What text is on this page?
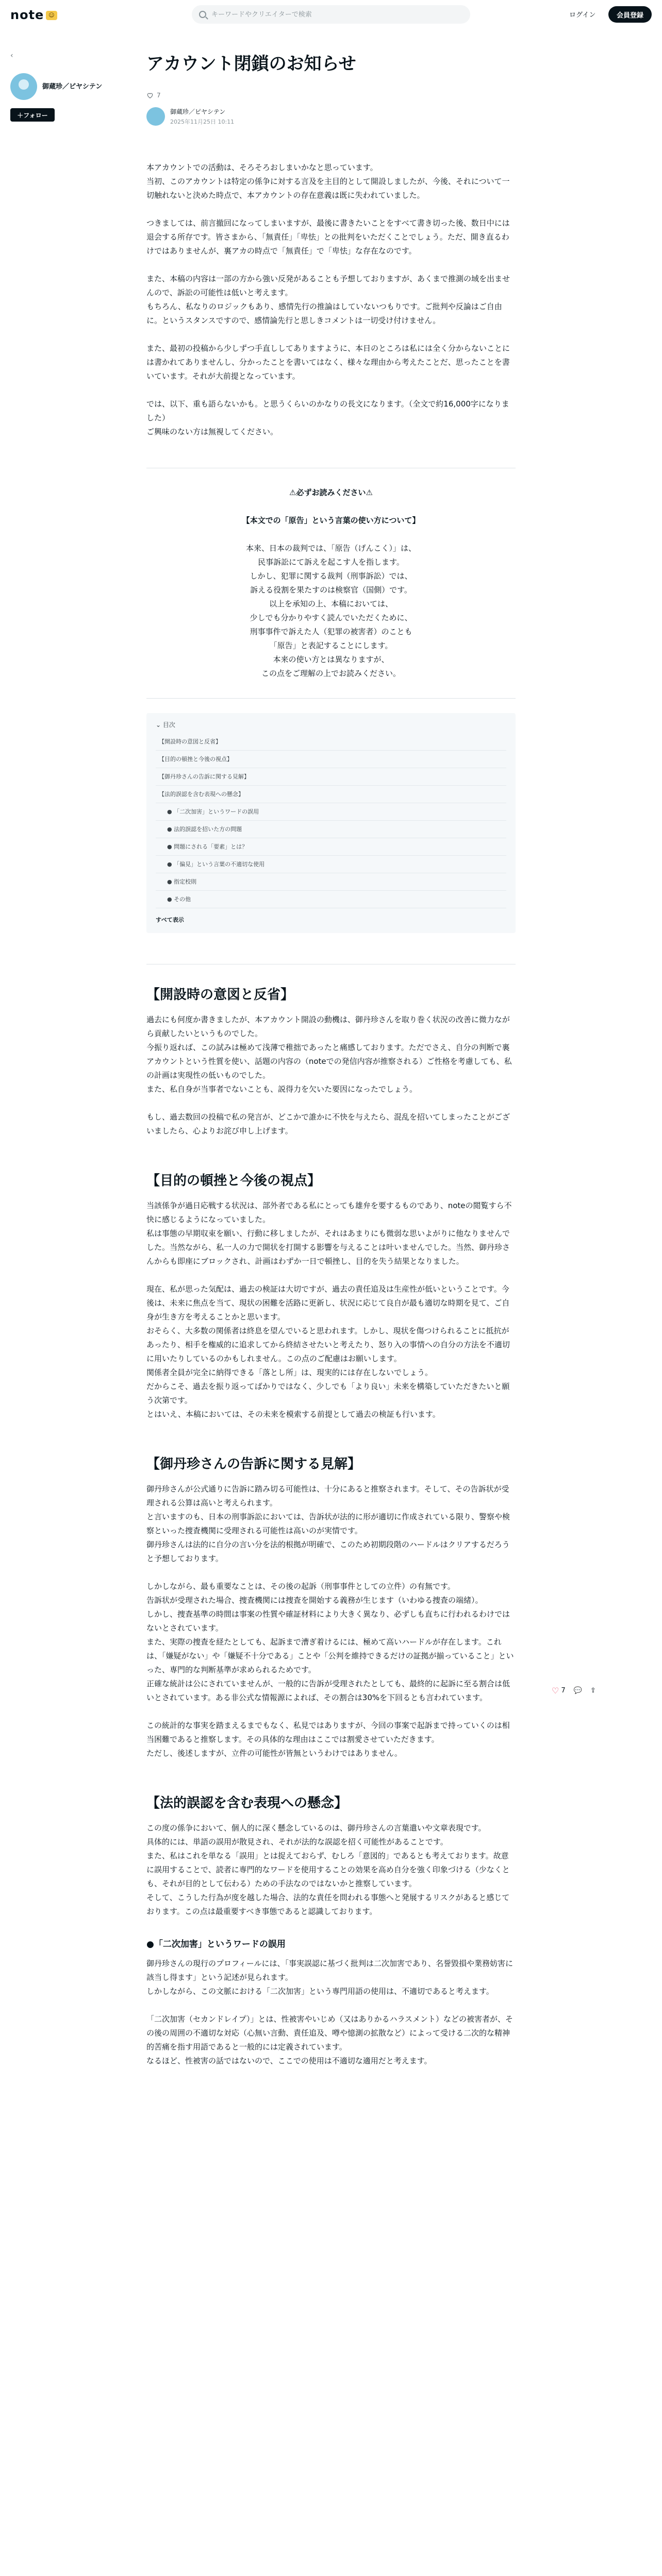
note ☺
キーワードやクリエイターで検索	ログイン	会員登録
‹
御蔵珍／ピヤシテン
＋ フォロー
♡ 7 💬 ⇪
アカウント閉鎖のお知らせ
7
御蔵珍／ピヤシテン
2025年11月25日 10:11
本アカウントでの活動は、そろそろおしまいかなと思っています。
当初、このアカウントは特定の係争に対する言及を主目的として開設しましたが、今後、それについて一切触れないと決めた時点で、本アカウントの存在意義は既に失われていました。
つきましては、前言撤回になってしまいますが、最後に書きたいことをすべて書き切った後、数日中には退会する所存です。皆さまから、「無責任」「卑怯」との批判をいただくことでしょう。ただ、開き直るわけではありませんが、裏アカの時点で「無責任」で「卑怯」な存在なのです。
また、本稿の内容は一部の方から強い反発があることも予想しておりますが、あくまで推測の域を出ませんので、訴訟の可能性は低いと考えます。
もちろん、私なりのロジックもあり、感情先行の推論はしていないつもりです。ご批判や反論はご自由に。というスタンスですので、感情論先行と思しきコメントは一切受け付けません。
また、最初の投稿から少しずつ手直ししてありますように、本日のところは私には全く分からないことには書かれてありませんし、分かったことを書いてはなく、様々な理由から考えたことだ、思ったことを書いています。それが大前提となっています。
では、以下、重も語らないかも。と思うくらいのかなりの長文になります。（全文で約16,000字になりました）
ご興味のない方は無視してください。
⚠必ずお読みください⚠
【本文での「原告」という言葉の使い方について】
本来、日本の裁判では、「原告（げんこく）」は、
民事訴訟にて訴えを起こす人を指します。
しかし、犯罪に関する裁判（刑事訴訟）では、
訴える役割を果たすのは検察官（国側）です。
以上を承知の上、本稿においては、
少しでも分かりやすく読んでいただくために、
刑事事件で訴えた人（犯罪の被害者）のことも
「原告」と表記することにします。
本来の使い方とは異なりますが、
この点をご理解の上でお読みください。
⌄ 目次
【開設時の意図と反省】
【目的の頓挫と今後の視点】
【御丹珍さんの告訴に関する見解】
【法的誤認を含む表現への懸念】
● 「二次加害」というワードの誤用
● 法的誤認を招いた方の問題
● 問題にされる「要素」とは？
● 「偏見」という言葉の不適切な使用
● 指定校則
● その他
すべて表示
【開設時の意図と反省】
過去にも何度か書きましたが、本アカウント開設の動機は、御丹珍さんを取り巻く状況の改善に微力ながら貢献したいというものでした。
今振り返れば、この試みは極めて浅薄で稚拙であったと痛感しております。ただでさえ、自分の判断で裏アカウントという性質を使い、話題の内容の（noteでの発信内容が推察される）ご性格を考慮しても、私の計画は実現性の低いものでした。
また、私自身が当事者でないことも、説得力を欠いた要因になったでしょう。
もし、過去数回の投稿で私の発言が、どこかで誰かに不快を与えたら、混乱を招いてしまったことがございましたら、心よりお詫び申し上げます。
【目的の頓挫と今後の視点】
当該係争が過日応戦する状況は、部外者である私にとっても雄弁を要するものであり、noteの閲覧すら不快に感じるようになっていました。
私は事態の早期収束を願い、行動に移しましたが、それはあまりにも微弱な思いよがりに他なりませんでした。当然ながら、私一人の力で開状を打開する影響を与えることは叶いませんでした。当然、御丹珍さんからも即座にブロックされ、計画はわずか一日で頓挫し、目的を失う結果となりました。
現在、私が思った気配は、過去の検証は大切ですが、過去の責任追及は生産性が低いということです。今後は、未来に焦点を当て、現状の困難を活路に更新し、状況に応じて良自が最も適切な時期を見て、ご自身が生き方を考えることかと思います。
おそらく、大多数の関係者は終息を望んでいると思われます。しかし、現状を傷つけられることに抵抗があったり、相手を権威的に追求してから終結させたいと考えたり、怒り入の事情への自分の方法を不適切に用いたりしているのかもしれません。この点のご配慮はお願いします。
関係者全員が完全に納得できる「落とし所」は、現実的には存在しないでしょう。
だからこそ、過去を振り返ってばかりではなく、少しでも「より良い」未来を構築していただきたいと願う次第です。
とはいえ、本稿においては、その未来を模索する前提として過去の検証も行います。
【御丹珍さんの告訴に関する見解】
御丹珍さんが公式通りに告訴に踏み切る可能性は、十分にあると推察されます。そして、その告訴状が受理される公算は高いと考えられます。
と言いますのも、日本の刑事訴訟においては、告訴状が法的に形が適切に作成されている限り、警察や検察といった捜査機関に受理される可能性は高いのが実情です。
御丹珍さんは法的に自分の言い分を法的根拠が明確で、このため初期段階のハードルはクリアするだろうと予想しております。
しかしながら、最も重要なことは、その後の起訴（刑事事件としての立件）の有無です。
告訴状が受理された場合、捜査機関には捜査を開始する義務が生じます（いわゆる捜査の端緒）。
しかし、捜査基準の時間は事案の性質や確証材料により大きく異なり、必ずしも直ちに行われるわけではないとされています。
また、実際の捜査を経たとしても、起訴まで漕ぎ着けるには、極めて高いハードルが存在します。これは、「嫌疑がない」や「嫌疑不十分である」ことや「公判を維持できるだけの証拠が揃っていること」といった、専門的な判断基準が求められるためです。
正確な統計は公にされていませんが、一般的に告訴が受理されたとしても、最終的に起訴に至る割合は低いとされています。ある非公式な情報源によれば、その割合は30%を下回るとも言われています。
この統計的な事実を踏まえるまでもなく、私見ではありますが、今回の事案で起訴まで持っていくのは相当困難であると推察します。その具体的な理由はここでは割愛させていただきます。
ただし、後述しますが、立件の可能性が皆無というわけではありません。
【法的誤認を含む表現への懸念】
この度の係争において、個人的に深く懸念しているのは、御丹珍さんの言葉遣いや文章表現です。
具体的には、単語の誤用が散見され、それが法的な誤認を招く可能性があることです。
また、私はこれを単なる「誤用」とは捉えておらず、むしろ「意図的」であるとも考えております。故意に誤用することで、読者に専門的なワードを使用することの効果を高め自分を強く印象づける（少なくとも、それが目的として伝わる）ための手法なのではないかと推察しています。
そして、こうした行為が度を越した場合、法的な責任を問われる事態へと発展するリスクがあると感じております。この点は最重要すべき事態であると認識しております。
●「二次加害」というワードの誤用
御丹珍さんの現行のプロフィールには、「事実誤認に基づく批判は二次加害であり、名誉毀損や業務妨害に該当し得ます」という記述が見られます。
しかしながら、この文脈における「二次加害」という専門用語の使用は、不適切であると考えます。
「二次加害（セカンドレイプ）」とは、性被害やいじめ（又はありかるハラスメント）などの被害者が、その後の周囲の不適切な対応（心無い言動、責任追及、噂や憶測の拡散など）によって受ける二次的な精神的苦痛を指す用語であると一般的には定義されています。
なるほど、性被害の話ではないので、ここでの使用は不適切な適用だと考えます。
